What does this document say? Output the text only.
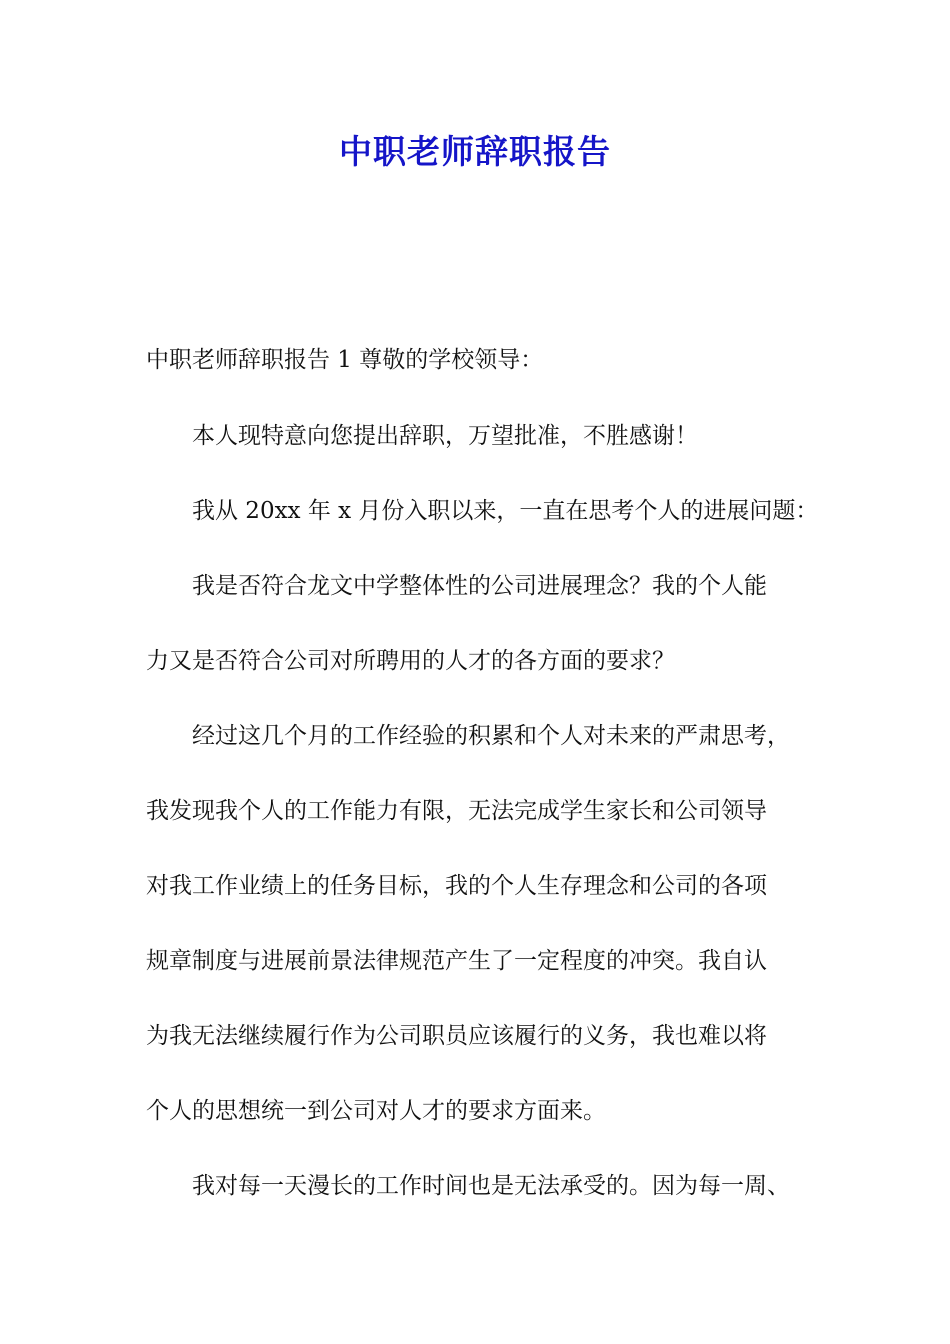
中职老师辞职报告
中职老师辞职报告 1 尊敬的学校领导：
本人现特意向您提出辞职，万望批准，不胜感谢！
我从 20xx 年 x 月份入职以来，一直在思考个人的进展问题：
我是否符合龙文中学整体性的公司进展理念？我的个人能
力又是否符合公司对所聘用的人才的各方面的要求？
经过这几个月的工作经验的积累和个人对未来的严肃思考，
我发现我个人的工作能力有限，无法完成学生家长和公司领导
对我工作业绩上的任务目标，我的个人生存理念和公司的各项
规章制度与进展前景法律规范产生了一定程度的冲突。我自认
为我无法继续履行作为公司职员应该履行的义务，我也难以将
个人的思想统一到公司对人才的要求方面来。
我对每一天漫长的工作时间也是无法承受的。因为每一周、
